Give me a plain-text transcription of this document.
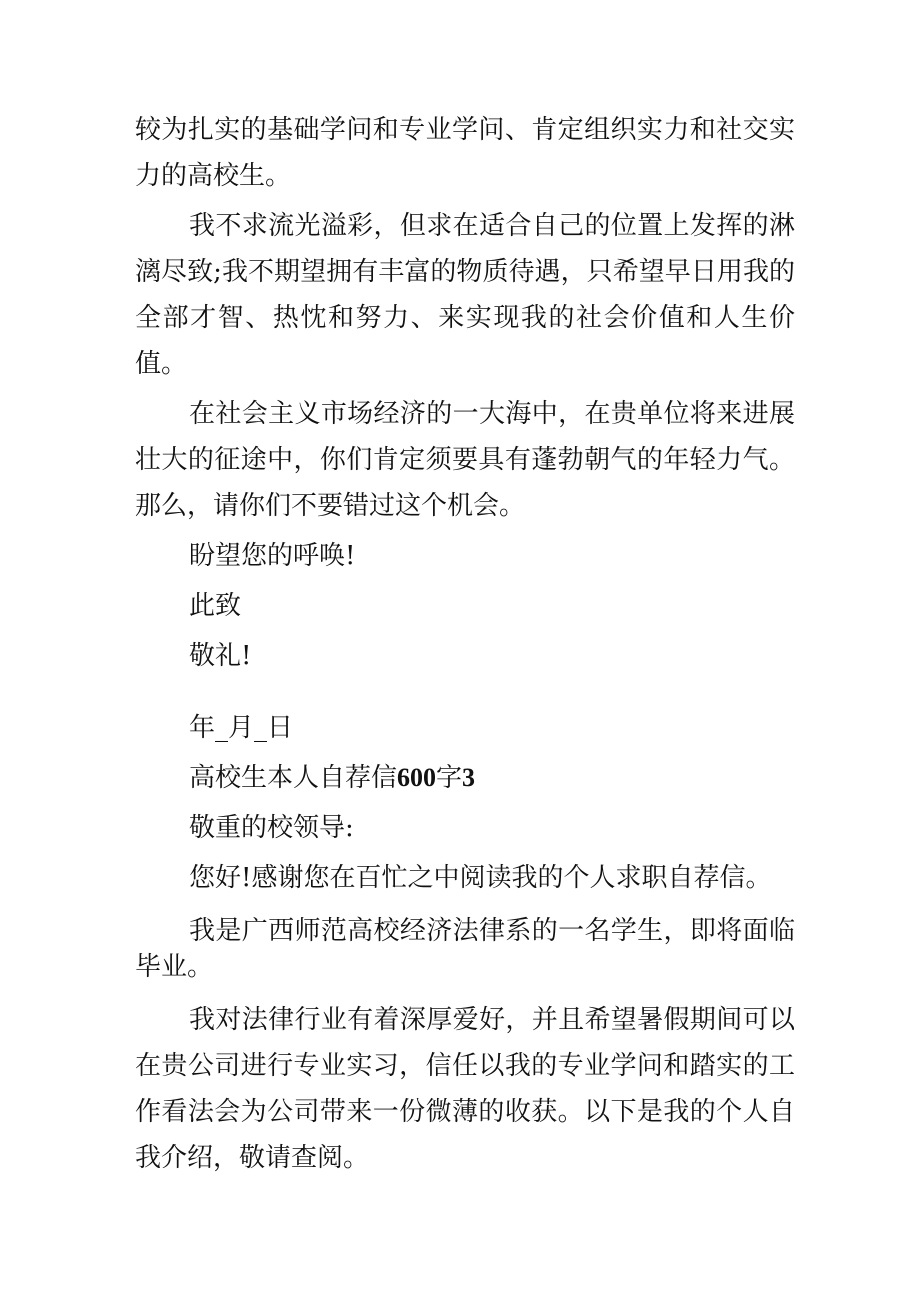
较为扎实的基础学问和专业学问、肯定组织实力和社交实力的高校生。

我不求流光溢彩，但求在适合自己的位置上发挥的淋漓尽致;我不期望拥有丰富的物质待遇，只希望早日用我的全部才智、热忱和努力、来实现我的社会价值和人生价值。

在社会主义市场经济的一大海中，在贵单位将来进展壮大的征途中，你们肯定须要具有蓬勃朝气的年轻力气。那么，请你们不要错过这个机会。

盼望您的呼唤!

此致

敬礼!

年_月_日

高校生本人自荐信600字3

敬重的校领导:

您好!感谢您在百忙之中阅读我的个人求职自荐信。

我是广西师范高校经济法律系的一名学生，即将面临毕业。

我对法律行业有着深厚爱好，并且希望暑假期间可以在贵公司进行专业实习，信任以我的专业学问和踏实的工作看法会为公司带来一份微薄的收获。以下是我的个人自我介绍，敬请查阅。
